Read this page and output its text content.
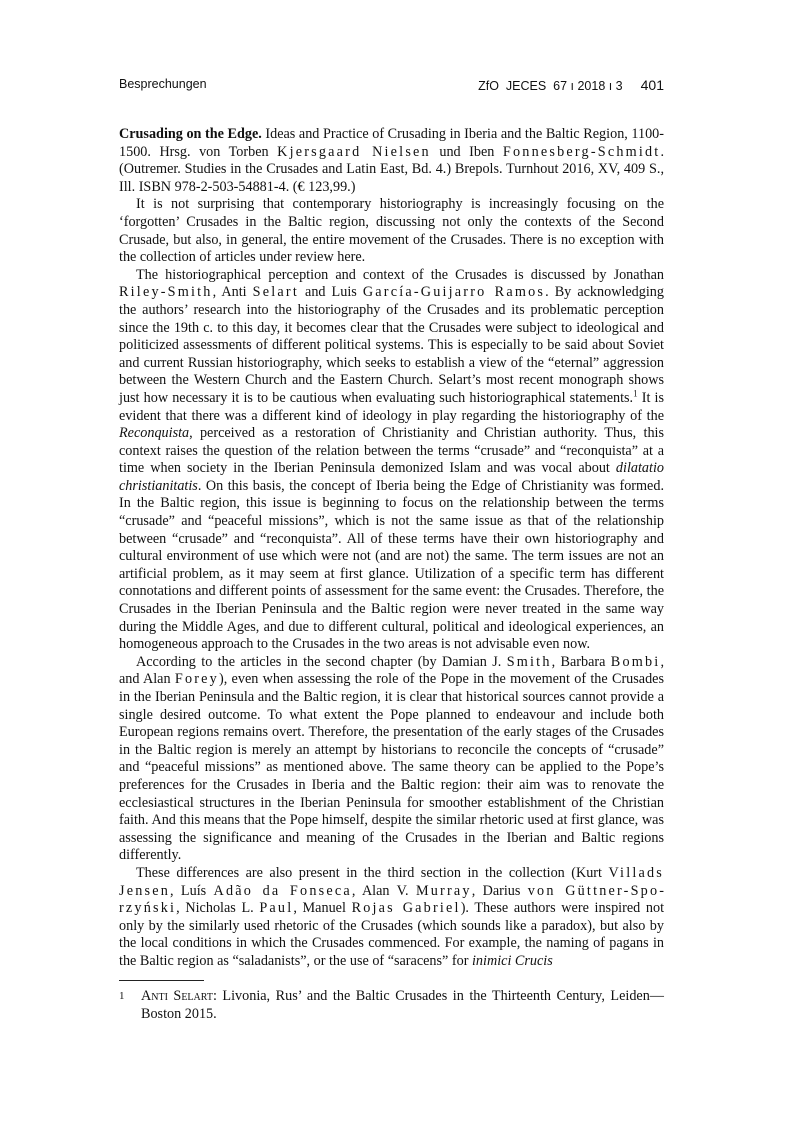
Besprechungen	ZfO  JECES  67 ı 2018 ı 3 401

Crusading on the Edge. Ideas and Practice of Crusading in Iberia and the Baltic Region, 1100-1500. Hrsg. von Torben Kjersgaard Nielsen und Iben Fonnesberg-Schmidt. (Outremer. Studies in the Crusades and Latin East, Bd. 4.) Brepols. Turnhout 2016, XV, 409 S., Ill. ISBN 978-2-503-54881-4. (€ 123,99.)

It is not surprising that contemporary historiography is increasingly focusing on the ‘forgotten’ Crusades in the Baltic region, discussing not only the contexts of the Second Crusade, but also, in general, the entire movement of the Crusades. There is no exception with the collection of articles under review here.

The historiographical perception and context of the Crusades is discussed by Jonathan Riley-Smith, Anti Selart and Luis García-Guijarro Ramos. By acknowledging the authors’ research into the historiography of the Crusades and its problematic perception since the 19th c. to this day, it becomes clear that the Crusades were subject to ideological and politicized assessments of different political systems. This is especially to be said about Soviet and current Russian historiography, which seeks to establish a view of the “eternal” aggression between the Western Church and the Eastern Church. Selart’s most recent monograph shows just how necessary it is to be cautious when evaluating such historiographical statements.$^1$ It is evident that there was a different kind of ideology in play regarding the historiography of the Reconquista, perceived as a restoration of Christianity and Christian authority. Thus, this context raises the question of the relation between the terms “crusade” and “reconquista” at a time when society in the Iberian Peninsula demonized Islam and was vocal about dilatatio christianitatis. On this basis, the concept of Iberia being the Edge of Christianity was formed. In the Baltic region, this issue is beginning to focus on the relationship between the terms “crusade” and “peaceful missions”, which is not the same issue as that of the relationship between “crusade” and “reconquista”. All of these terms have their own historiography and cultural environment of use which were not (and are not) the same. The term issues are not an artificial problem, as it may seem at first glance. Utilization of a specific term has different connotations and different points of assessment for the same event: the Crusades. Therefore, the Crusades in the Iberian Peninsula and the Baltic region were never treated in the same way during the Middle Ages, and due to different cultural, political and ideological experiences, an homogeneous approach to the Crusades in the two areas is not advisable even now.

According to the articles in the second chapter (by Damian J. Smith, Barbara Bombi, and Alan Forey), even when assessing the role of the Pope in the movement of the Crusades in the Iberian Peninsula and the Baltic region, it is clear that historical sources cannot provide a single desired outcome. To what extent the Pope planned to endeavour and include both European regions remains overt. Therefore, the presentation of the early stages of the Crusades in the Baltic region is merely an attempt by historians to reconcile the concepts of “crusade” and “peaceful missions” as mentioned above. The same theory can be applied to the Pope’s preferences for the Crusades in Iberia and the Baltic region: their aim was to renovate the ecclesiastical structures in the Iberian Peninsula for smoother establishment of the Christian faith. And this means that the Pope himself, despite the similar rhetoric used at first glance, was assessing the significance and meaning of the Crusades in the Iberian and Baltic regions differently.

These differences are also present in the third section in the collection (Kurt Villads Jensen, Luís Adão da Fonseca, Alan V. Murray, Darius von Güttner-Sporzyński, Nicholas L. Paul, Manuel Rojas Gabriel). These authors were inspired not only by the similarly used rhetoric of the Crusades (which sounds like a paradox), but also by the local conditions in which the Crusades commenced. For example, the naming of pagans in the Baltic region as “saladanists”, or the use of “saracens” for inimici Crucis

1 Anti Selart: Livonia, Rus’ and the Baltic Crusades in the Thirteenth Century, Leiden—Boston 2015.
